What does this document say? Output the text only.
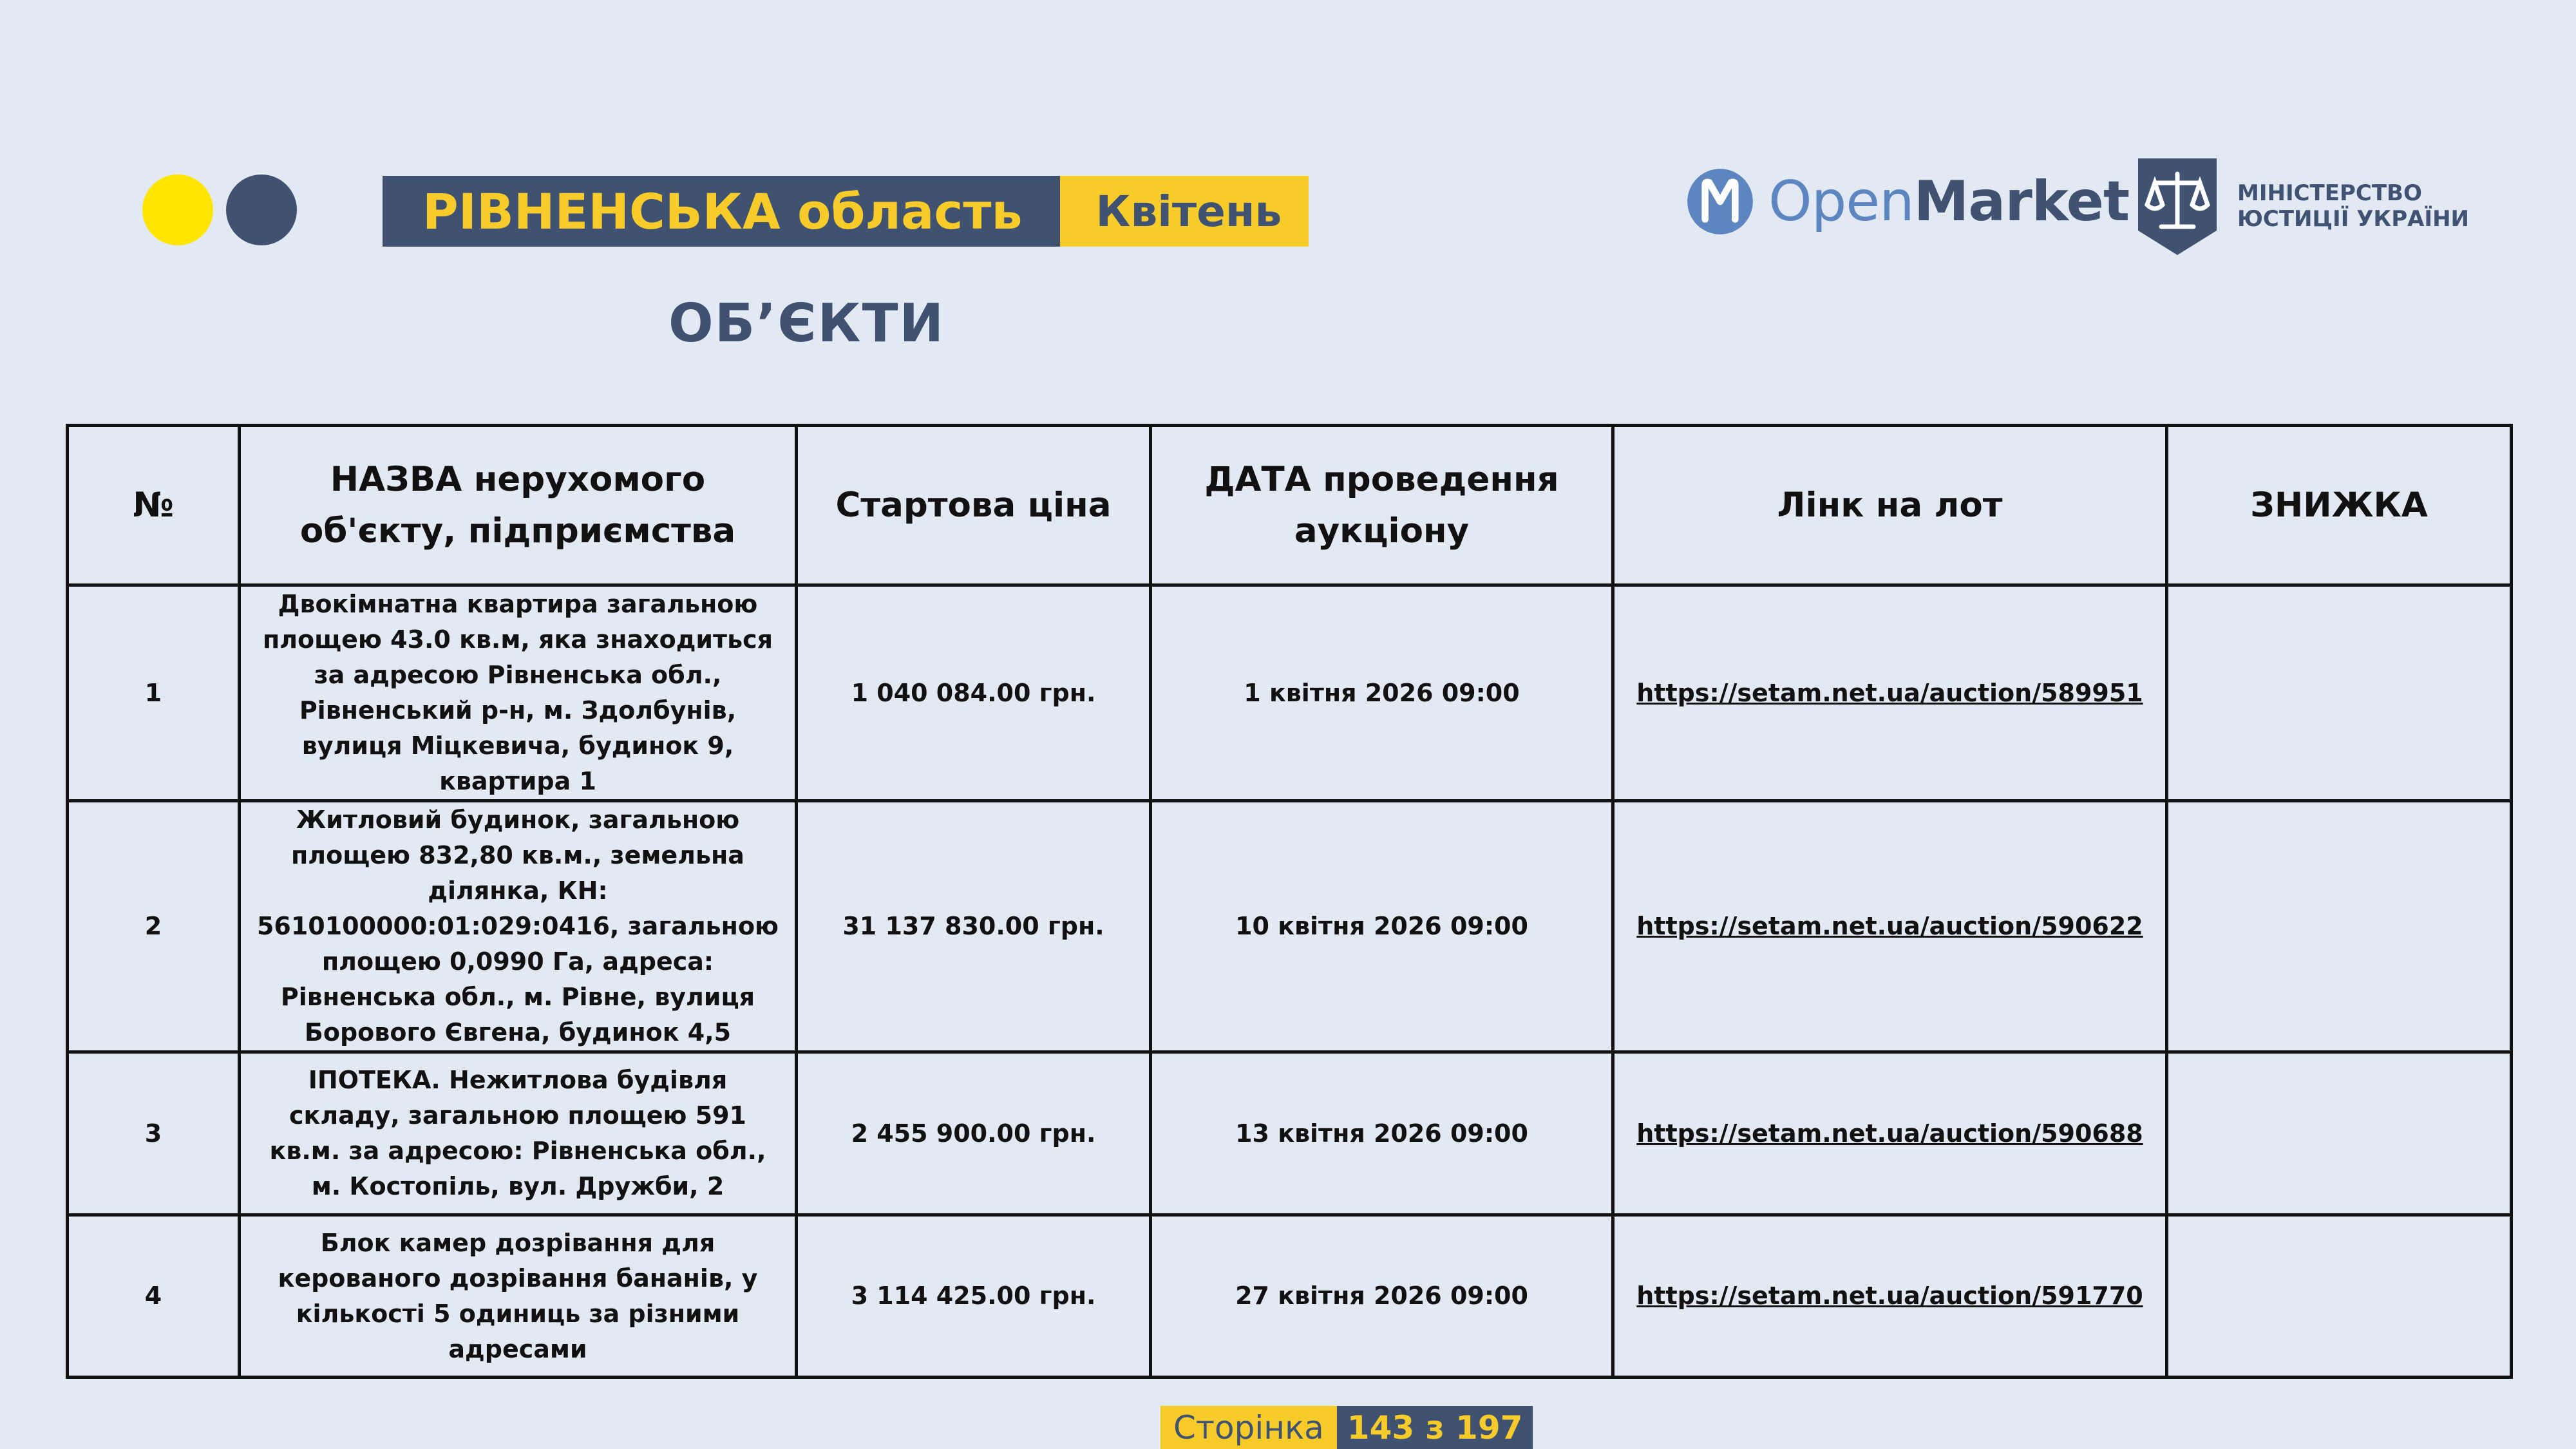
РІВНЕНСЬКА область	Квітень
ОБ’ЄКТИ
OpenMarket	МІНІСТЕРСТВО
ЮСТИЦІЇ УКРАЇНИ
№	НАЗВА нерухомого об'єкту, підприємства	Стартова ціна	ДАТА проведення аукціону	Лінк на лот	ЗНИЖКА
1	Двокімнатна квартира загальною площею 43.0 кв.м, яка знаходиться за адресою Рівненська обл., Рівненський р-н, м. Здолбунів, вулиця Міцкевича, будинок 9, квартира 1	1 040 084.00 грн.	1 квітня 2026 09:00	https://setam.net.ua/auction/589951	
2	Житловий будинок, загальною площею 832,80 кв.м., земельна ділянка, КН: 5610100000:01:029:0416, загальною площею 0,0990 Га, адреса: Рівненська обл., м. Рівне, вулиця Борового Євгена, будинок 4,5	31 137 830.00 грн.	10 квітня 2026 09:00	https://setam.net.ua/auction/590622	
3	ІПОТЕКА. Нежитлова будівля складу, загальною площею 591 кв.м. за адресою: Рівненська обл., м. Костопіль, вул. Дружби, 2	2 455 900.00 грн.	13 квітня 2026 09:00	https://setam.net.ua/auction/590688	
4	Блок камер дозрівання для керованого дозрівання бананів, у кількості 5 одиниць за різними адресами	3 114 425.00 грн.	27 квітня 2026 09:00	https://setam.net.ua/auction/591770	
Сторінка 143 з 197
